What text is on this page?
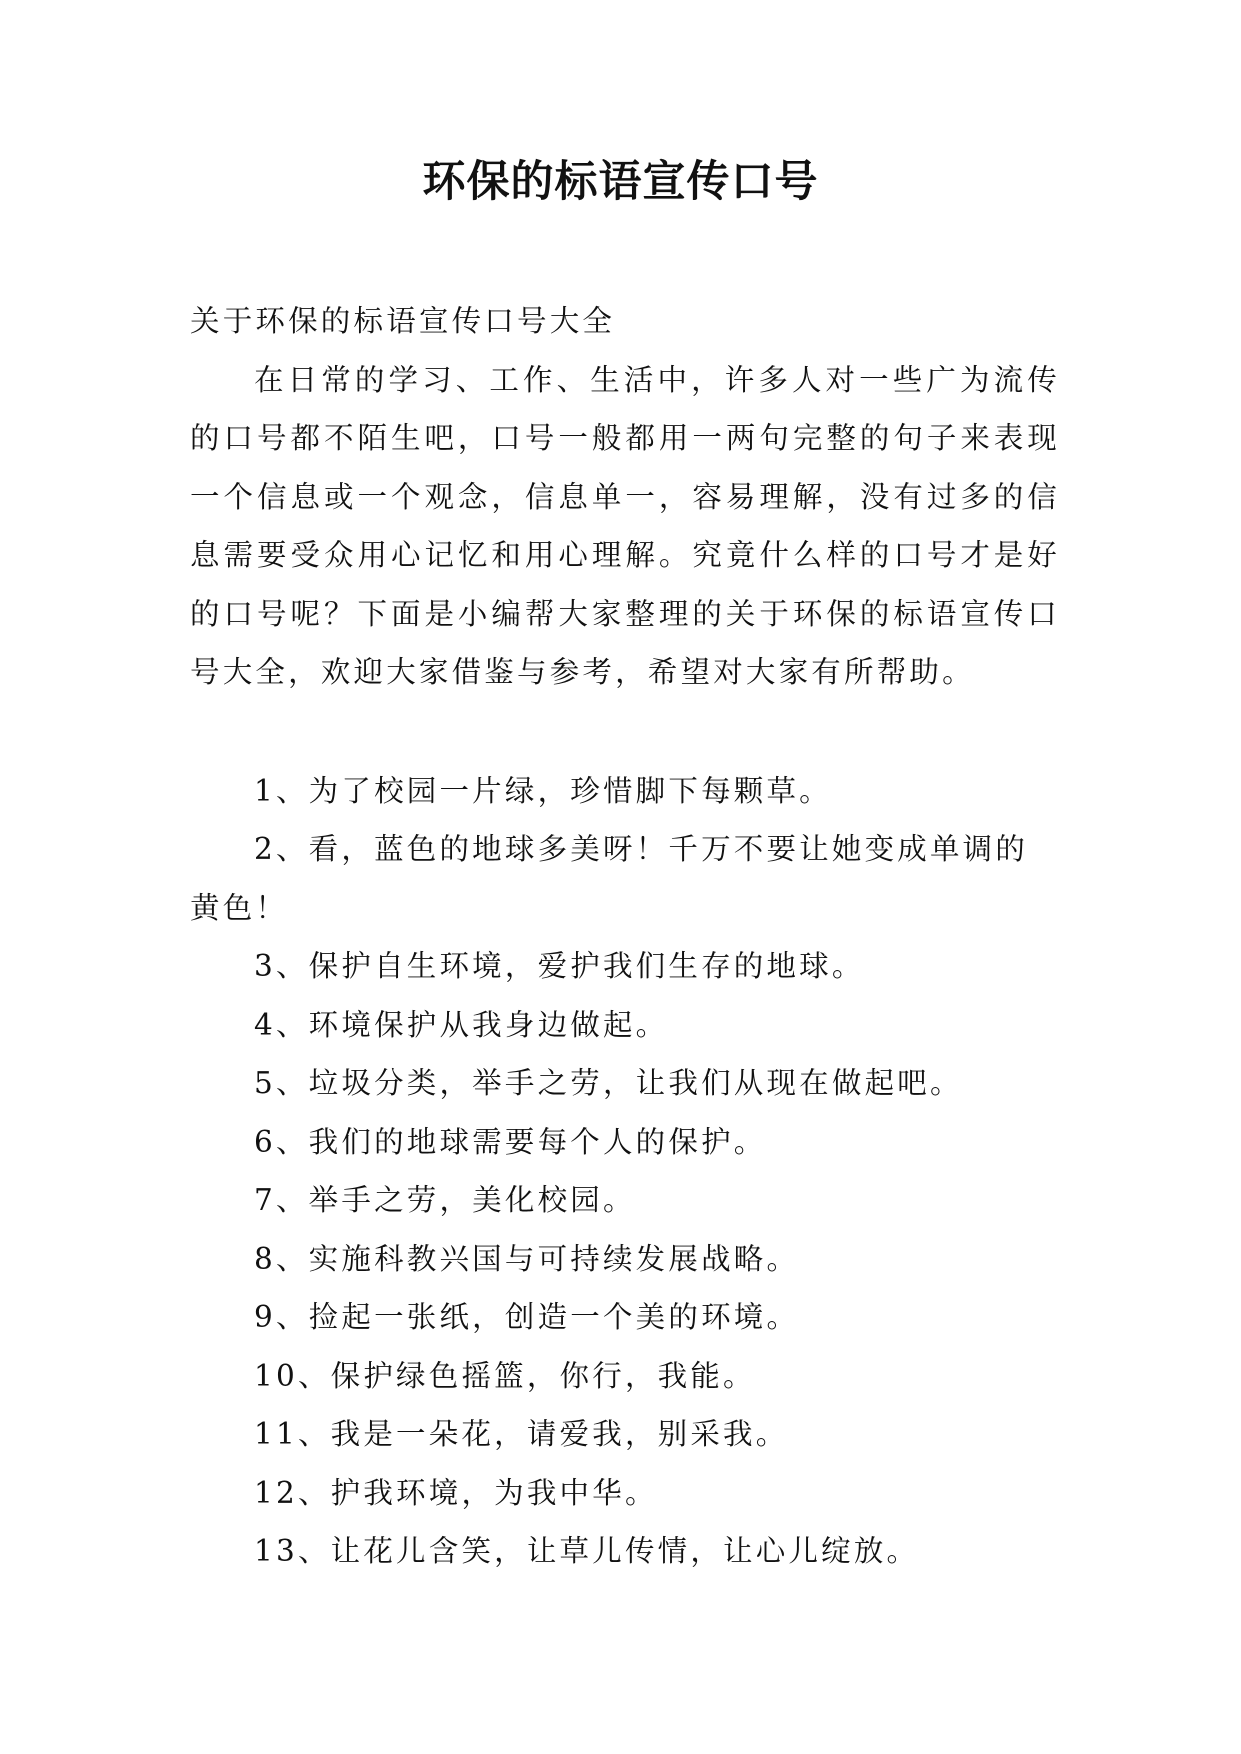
环保的标语宣传口号

关于环保的标语宣传口号大全

在日常的学习、工作、生活中，许多人对一些广为流传的口号都不陌生吧，口号一般都用一两句完整的句子来表现一个信息或一个观念，信息单一，容易理解，没有过多的信息需要受众用心记忆和用心理解。究竟什么样的口号才是好的口号呢？下面是小编帮大家整理的关于环保的标语宣传口号大全，欢迎大家借鉴与参考，希望对大家有所帮助。

1、为了校园一片绿，珍惜脚下每颗草。
2、看，蓝色的地球多美呀！千万不要让她变成单调的黄色！
3、保护自生环境，爱护我们生存的地球。
4、环境保护从我身边做起。
5、垃圾分类，举手之劳，让我们从现在做起吧。
6、我们的地球需要每个人的保护。
7、举手之劳，美化校园。
8、实施科教兴国与可持续发展战略。
9、捡起一张纸，创造一个美的环境。
10、保护绿色摇篮，你行，我能。
11、我是一朵花，请爱我，别采我。
12、护我环境，为我中华。
13、让花儿含笑，让草儿传情，让心儿绽放。
